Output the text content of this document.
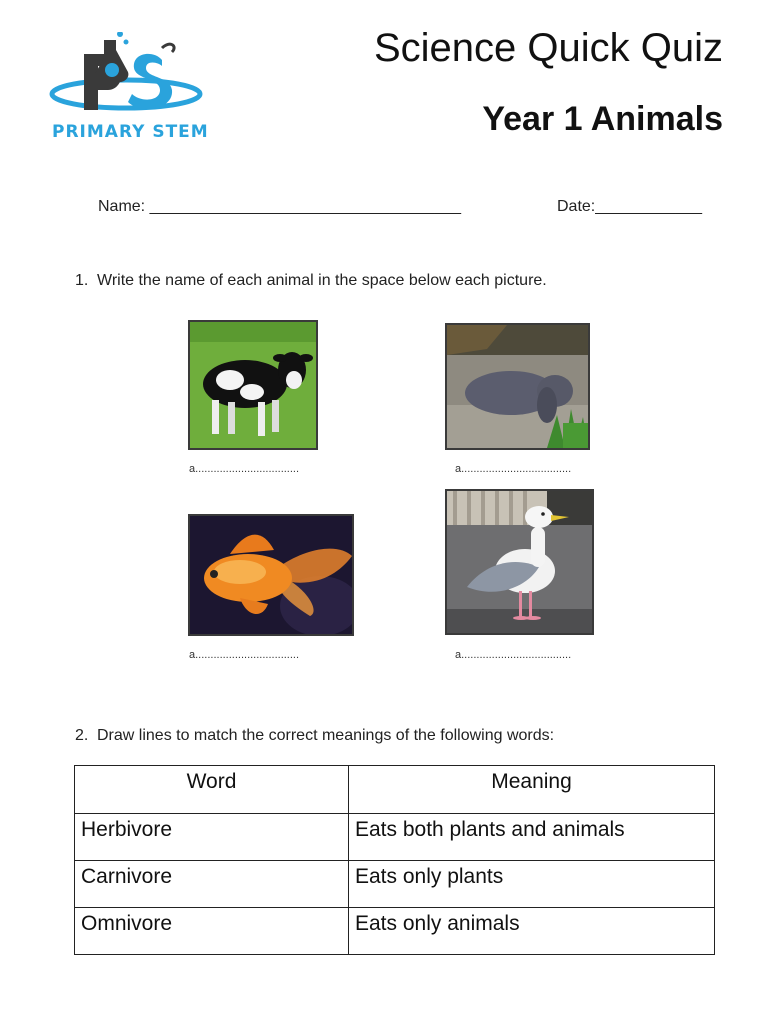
PRIMARY STEM
Science Quick Quiz
Year 1 Animals
Name: ___________________________________	Date:____________
1. Write the name of each animal in the space below each picture.
a..................................	a....................................
a..................................	a....................................
2. Draw lines to match the correct meanings of the following words:
Word	Meaning
Herbivore	Eats both plants and animals
Carnivore	Eats only plants
Omnivore	Eats only animals
